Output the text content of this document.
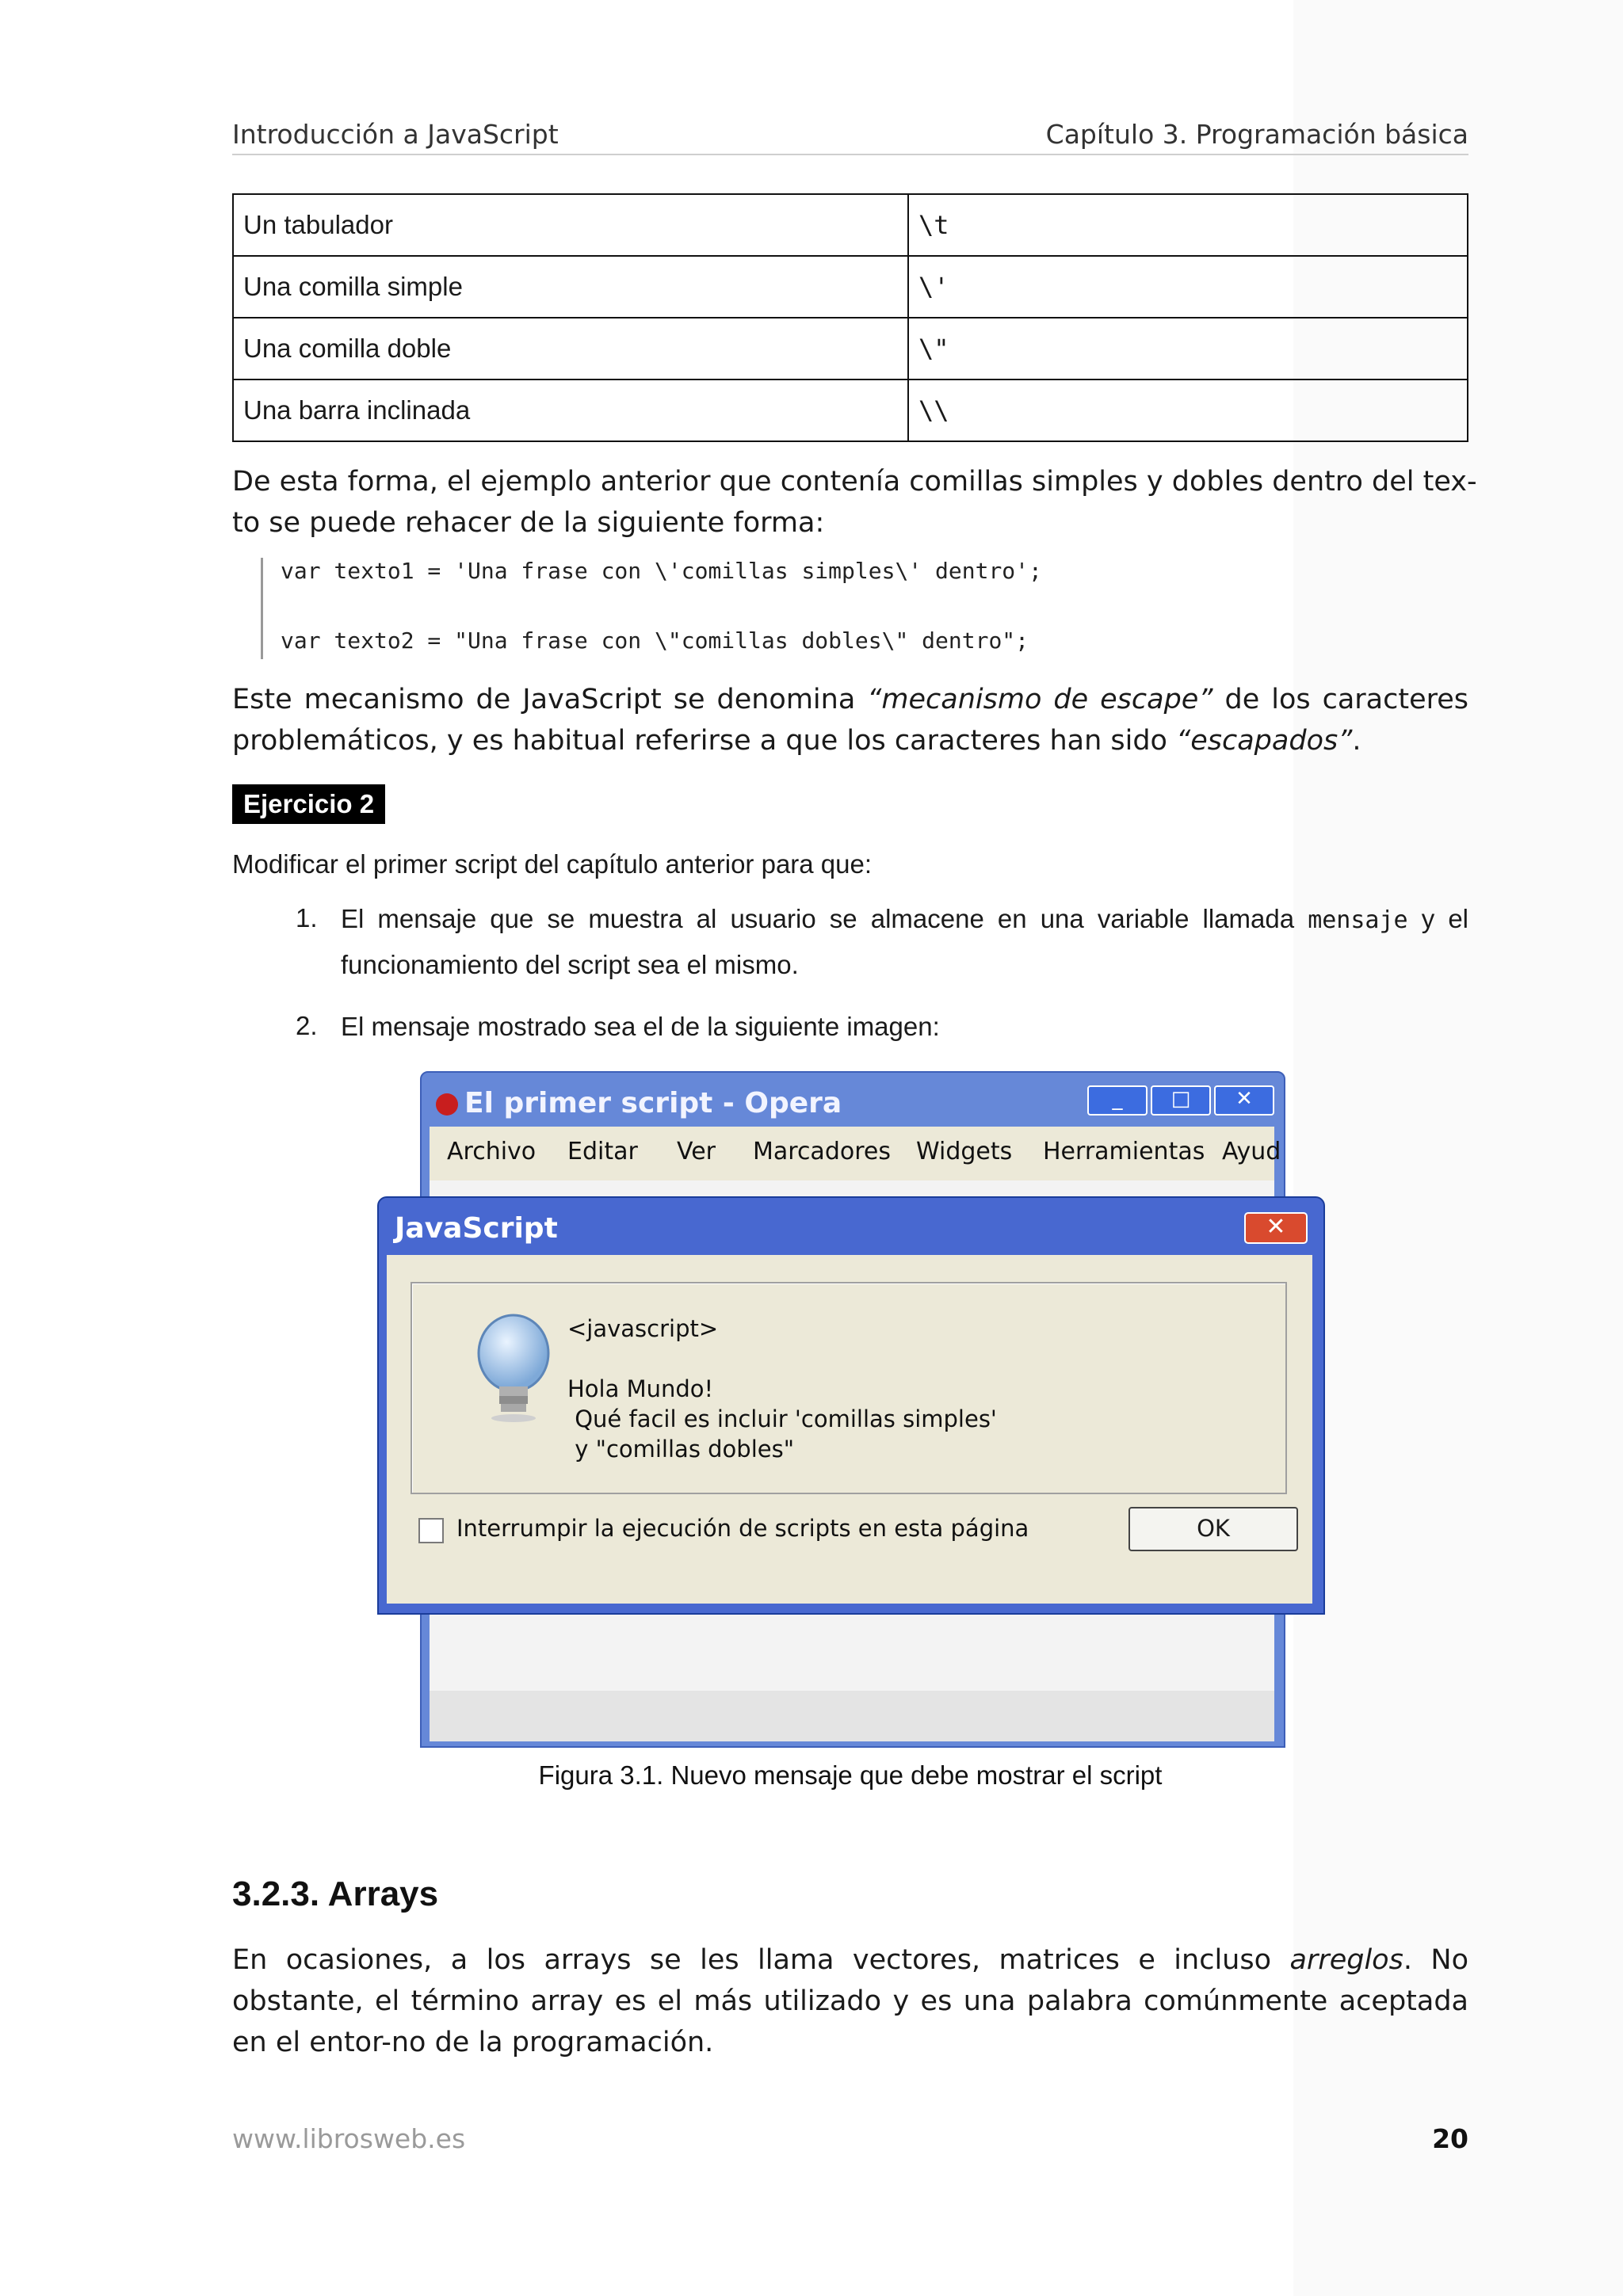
Introducción a JavaScript	Capítulo 3. Programación básica
Un tabulador	\t
Una comilla simple	\'
Una comilla doble	\"
Una barra inclinada	\\
De esta forma, el ejemplo anterior que contenía comillas simples y dobles dentro del tex-
to se puede rehacer de la siguiente forma:
var texto1 = 'Una frase con \'comillas simples\' dentro';
var texto2 = "Una frase con \"comillas dobles\" dentro";
Este mecanismo de JavaScript se denomina “mecanismo de escape” de los caracteres problemáticos, y es habitual referirse a que los caracteres han sido “escapados”.
Ejercicio 2
Modificar el primer script del capítulo anterior para que:
1. El mensaje que se muestra al usuario se almacene en una variable llamada mensaje y el funcionamiento del script sea el mismo.
2. El mensaje mostrado sea el de la siguiente imagen:
El primer script - Opera	_	□	✕
Archivo Editar Ver Marcadores Widgets Herramientas Ayud
JavaScript	✕
<javascript>
Hola Mundo!
Qué facil es incluir 'comillas simples'
y "comillas dobles"
Interrumpir la ejecución de scripts en esta página	OK
Figura 3.1. Nuevo mensaje que debe mostrar el script
3.2.3. Arrays
En ocasiones, a los arrays se les llama vectores, matrices e incluso arreglos. No obstante, el término array es el más utilizado y es una palabra comúnmente aceptada en el entor-no de la programación.
www.librosweb.es	20
